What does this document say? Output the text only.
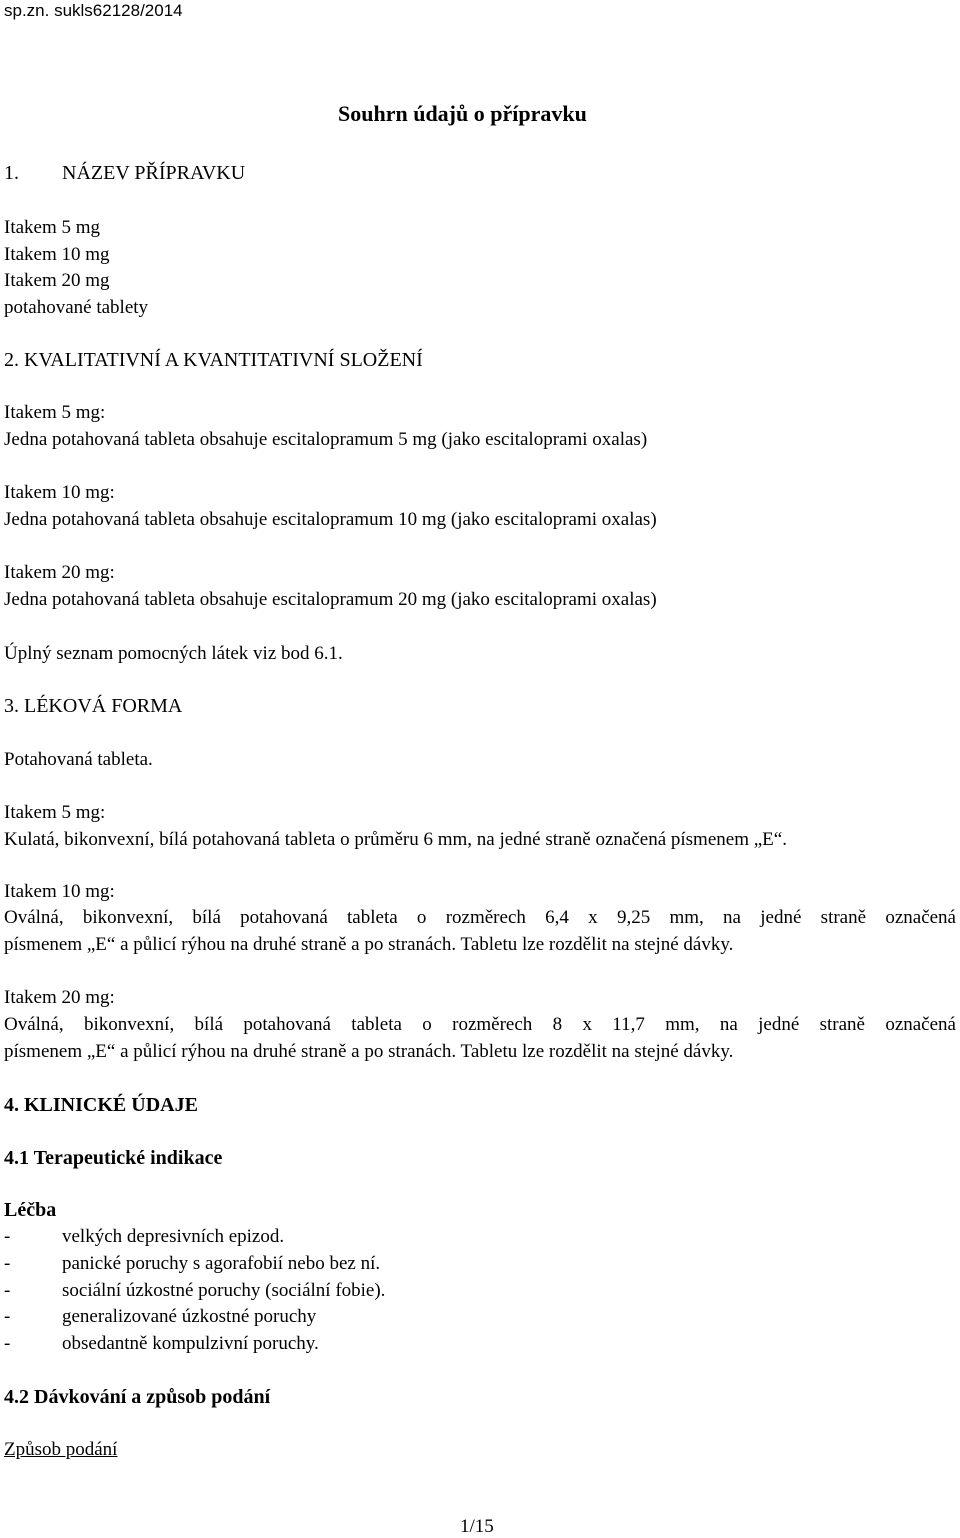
sp.zn. sukls62128/2014
Souhrn údajů o přípravku
1. NÁZEV PŘÍPRAVKU
Itakem 5 mg
Itakem 10 mg
Itakem 20 mg
potahované tablety
2. KVALITATIVNÍ A KVANTITATIVNÍ SLOŽENÍ
Itakem 5 mg:
Jedna potahovaná tableta obsahuje escitalopramum 5 mg (jako escitaloprami oxalas)
Itakem 10 mg:
Jedna potahovaná tableta obsahuje escitalopramum 10 mg (jako escitaloprami oxalas)
Itakem 20 mg:
Jedna potahovaná tableta obsahuje escitalopramum 20 mg (jako escitaloprami oxalas)
Úplný seznam pomocných látek viz bod 6.1.
3. LÉKOVÁ FORMA
Potahovaná tableta.
Itakem 5 mg:
Kulatá, bikonvexní, bílá potahovaná tableta o průměru 6 mm, na jedné straně označená písmenem „E“.
Itakem 10 mg:
Oválná, bikonvexní, bílá potahovaná tableta o rozměrech 6,4 x 9,25 mm, na jedné straně označená
písmenem „E“ a půlicí rýhou na druhé straně a po stranách. Tabletu lze rozdělit na stejné dávky.
Itakem 20 mg:
Oválná, bikonvexní, bílá potahovaná tableta o rozměrech 8 x 11,7 mm, na jedné straně označená
písmenem „E“ a půlicí rýhou na druhé straně a po stranách. Tabletu lze rozdělit na stejné dávky.
4. KLINICKÉ ÚDAJE
4.1 Terapeutické indikace
Léčba
-	velkých depresivních epizod.
-	panické poruchy s agorafobií nebo bez ní.
-	sociální úzkostné poruchy (sociální fobie).
-	generalizované úzkostné poruchy
-	obsedantně kompulzivní poruchy.
4.2 Dávkování a způsob podání
Způsob podání
1/15
